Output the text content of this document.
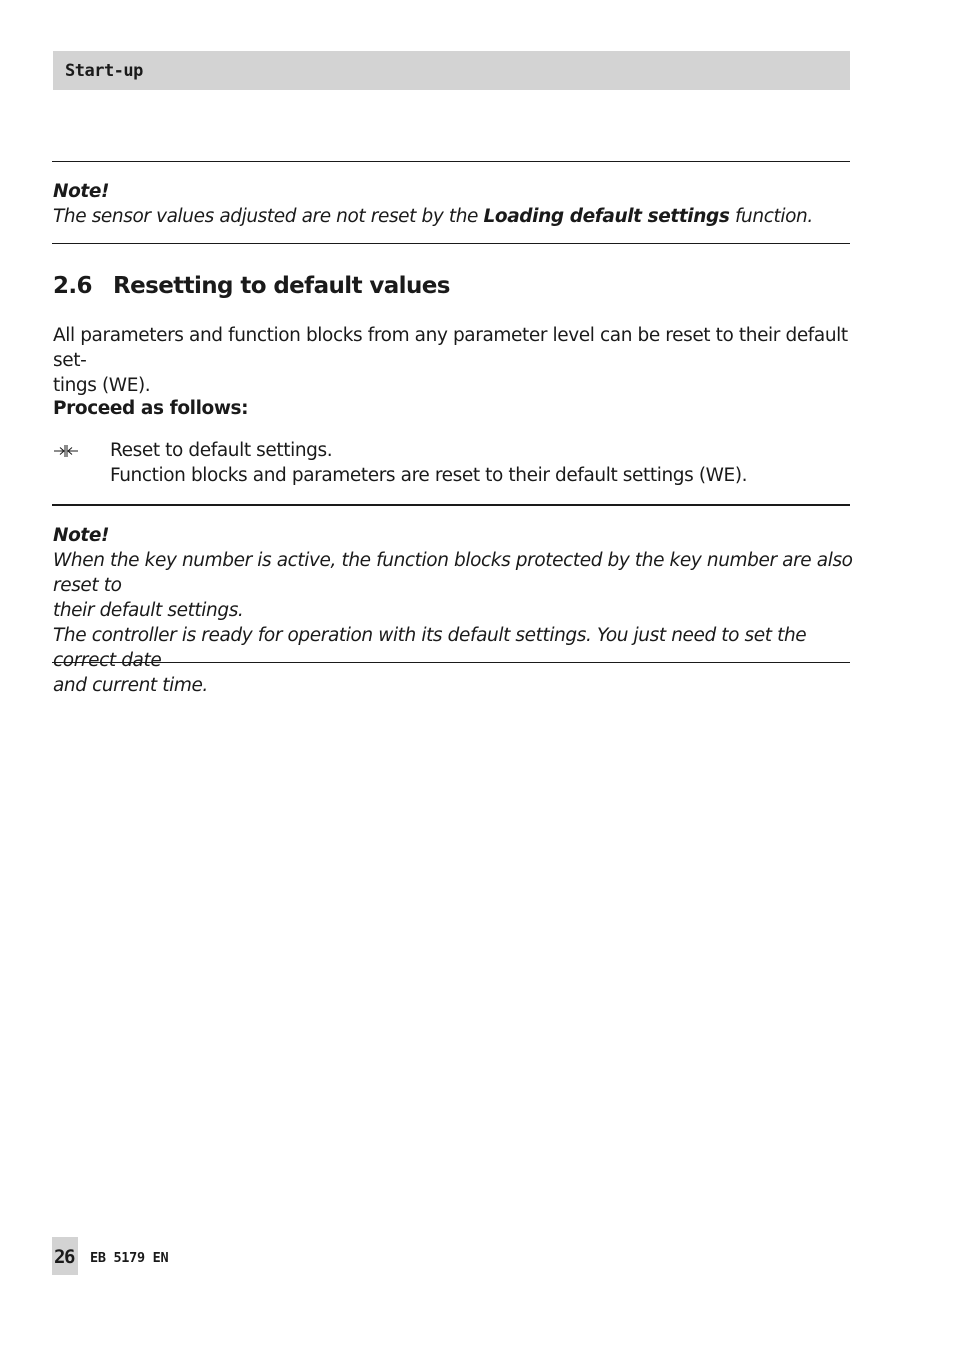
Start-up
Note!
The sensor values adjusted are not reset by the Loading default settings function.
2.6 Resetting to default values
All parameters and function blocks from any parameter level can be reset to their default set-
tings (WE).
Proceed as follows:
Reset to default settings.
Function blocks and parameters are reset to their default settings (WE).
Note!
When the key number is active, the function blocks protected by the key number are also reset to
their default settings.
The controller is ready for operation with its default settings. You just need to set the correct date
and current time.
26 EB 5179 EN
